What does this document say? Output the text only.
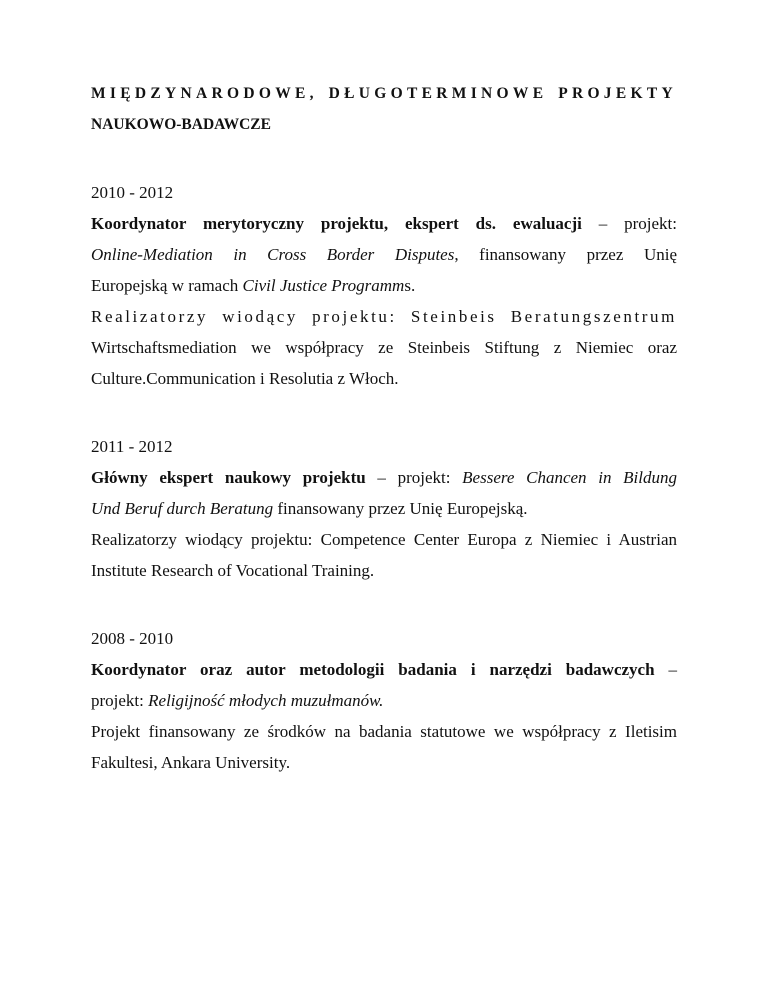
MIĘDZYNARODOWE, DŁUGOTERMINOWE PROJEKTY
NAUKOWO-BADAWCZE

2010 - 2012

Koordynator merytoryczny projektu, ekspert ds. ewaluacji – projekt:

Online-Mediation in Cross Border Disputes, finansowany przez Unię

Europejską w ramach Civil Justice Programms.

Realizatorzy wiodący projektu: Steinbeis Beratungszentrum

Wirtschaftsmediation we współpracy ze Steinbeis Stiftung z Niemiec oraz

Culture.Communication i Resolutia z Włoch.

2011 - 2012

Główny ekspert naukowy projektu – projekt: Bessere Chancen in Bildung

Und Beruf durch Beratung finansowany przez Unię Europejską.

Realizatorzy wiodący projektu: Competence Center Europa z Niemiec i Austrian

Institute Research of Vocational Training.

2008 - 2010

Koordynator oraz autor metodologii badania i narzędzi badawczych –

projekt: Religijność młodych muzułmanów.

Projekt finansowany ze środków na badania statutowe we współpracy z Iletisim

Fakultesi, Ankara University.
